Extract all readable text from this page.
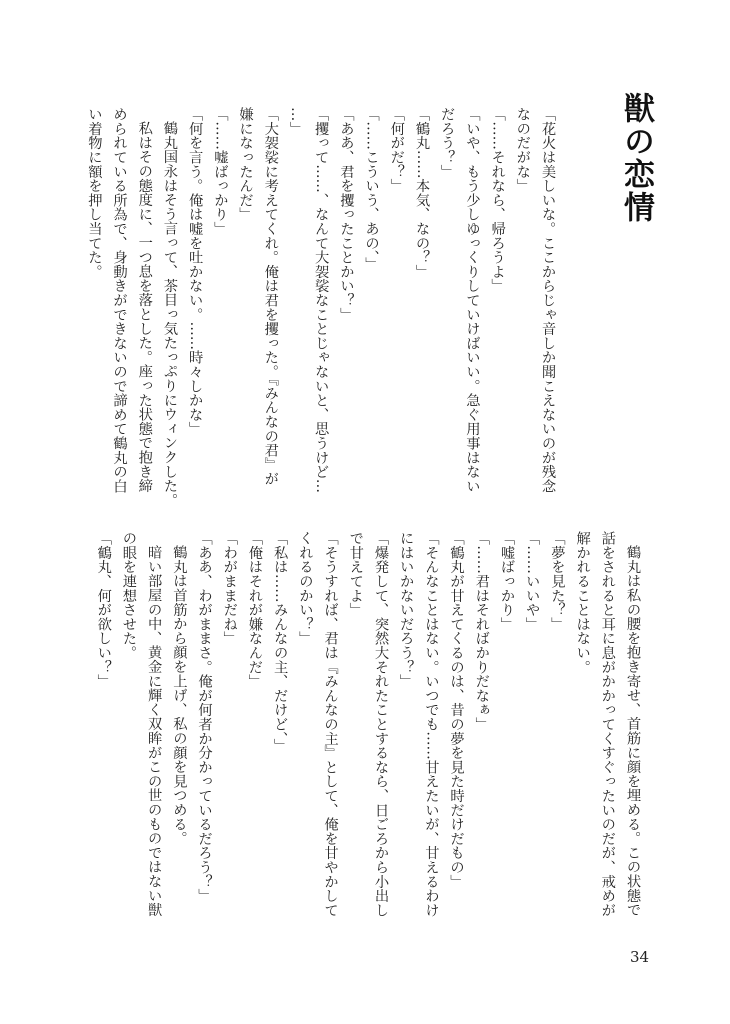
獣の恋情
「花火は美しいな。ここからじゃ音しか聞こえないのが残念
なのだがな」
「……それなら、帰ろうよ」
「いや、もう少しゆっくりしていけばいい。急ぐ用事はない
だろう？」
「鶴丸……本気、なの？」
「何がだ？」
「……こういう、あの、」
「ああ、君を攫ったことかい？」
「攫って……、なんて大袈裟なことじゃないと、思うけど…
…」
「大袈裟に考えてくれ。俺は君を攫った。『みんなの君』が
嫌になったんだ」
「……嘘ばっかり」
「何を言う。俺は嘘を吐かない。……時々しかな」
鶴丸国永はそう言って、茶目っ気たっぷりにウィンクした。
私はその態度に、一つ息を落とした。座った状態で抱き締
められている所為で、身動きができないので諦めて鶴丸の白
い着物に額を押し当てた。
鶴丸は私の腰を抱き寄せ、首筋に顔を埋める。この状態で
話をされると耳に息がかかってくすぐったいのだが、戒めが
解かれることはない。
「夢を見た？」
「……いいや」
「嘘ばっかり」
「……君はそればかりだなぁ」
「鶴丸が甘えてくるのは、昔の夢を見た時だけだもの」
「そんなことはない。いつでも……甘えたいが、甘えるわけ
にはいかないだろう？」
「爆発して、突然大それたことするなら、日ごろから小出し
で甘えてよ」
「そうすれば、君は『みんなの主』として、俺を甘やかして
くれるのかい？」
「私は……みんなの主、だけど、」
「俺はそれが嫌なんだ」
「わがままだね」
「ああ、わがままさ。俺が何者か分かっているだろう？」
鶴丸は首筋から顔を上げ、私の顔を見つめる。
暗い部屋の中、黄金に輝く双眸がこの世のものではない獣
の眼を連想させた。
「鶴丸、何が欲しい？」
34
